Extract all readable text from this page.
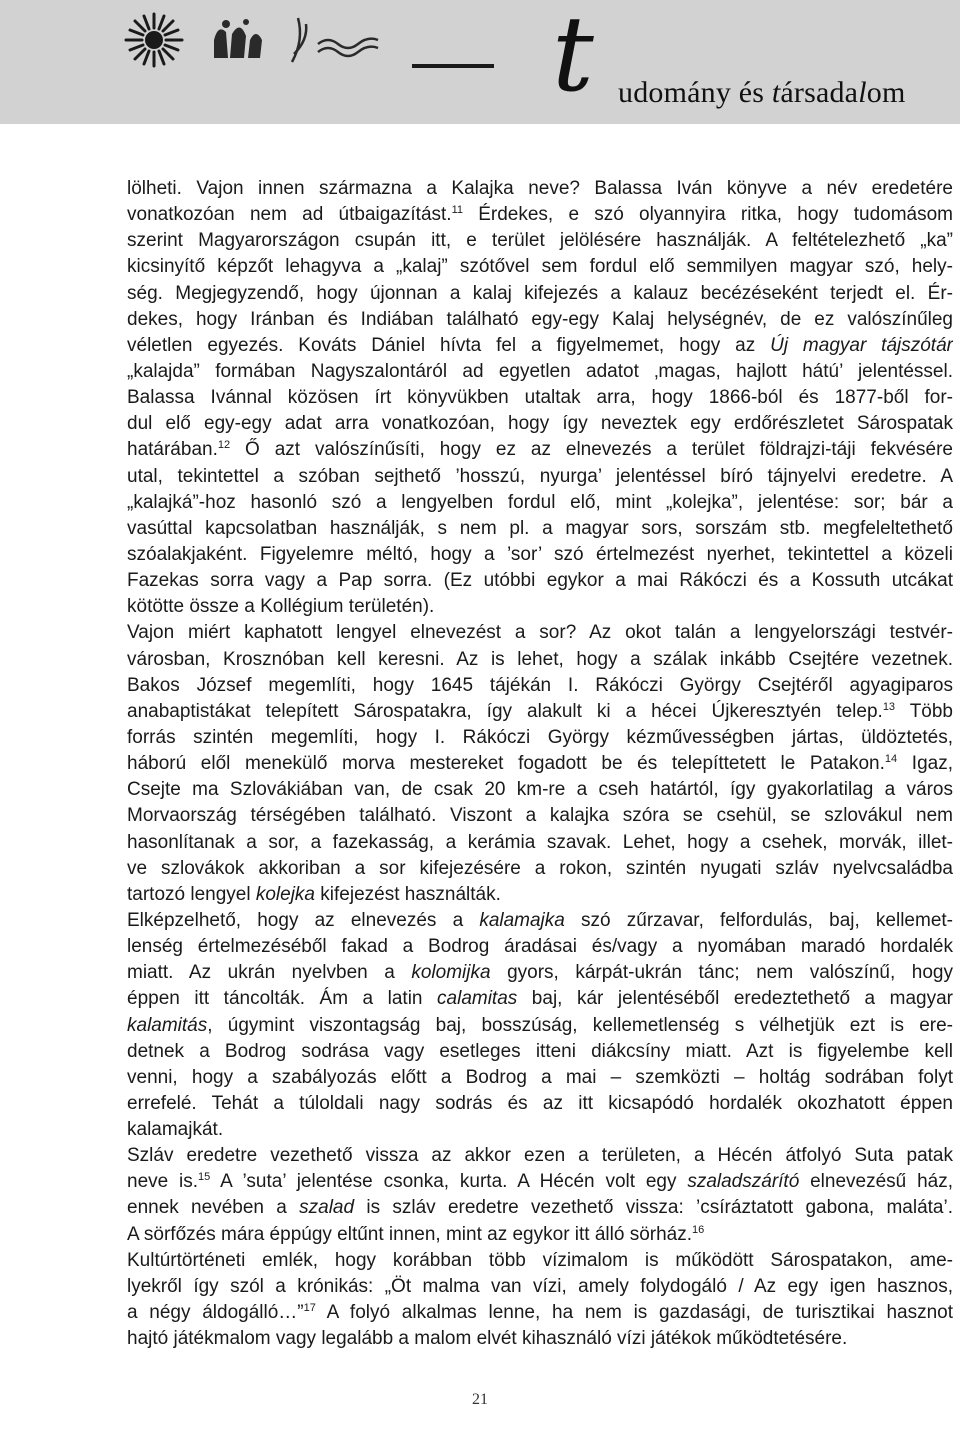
t udomány és társadalom
lölheti. Vajon innen származna a Kalajka neve? Balassa Iván könyve a név eredetére
vonatkozóan nem ad útbaigazítást.$^{11}$ Érdekes, e szó olyannyira ritka, hogy tudomásom
szerint Magyarországon csupán itt, e terület jelölésére használják. A feltételezhető „ka”
kicsinyítő képzőt lehagyva a „kalaj” szótővel sem fordul elő semmilyen magyar szó, hely-
ség. Megjegyzendő, hogy újonnan a kalaj kifejezés a kalauz becézéseként terjedt el. Ér-
dekes, hogy Iránban és Indiában található egy-egy Kalaj helységnév, de ez valószínűleg
véletlen egyezés. Kováts Dániel hívta fel a figyelmemet, hogy az Új magyar tájszótár
„kalajda” formában Nagyszalontáról ad egyetlen adatot ‚magas, hajlott hátú’ jelentéssel.
Balassa Ivánnal közösen írt könyvükben utaltak arra, hogy 1866-ból és 1877-ből for-
dul elő egy-egy adat arra vonatkozóan, hogy így neveztek egy erdőrészletet Sárospatak
határában.$^{12}$ Ő azt valószínűsíti, hogy ez az elnevezés a terület földrajzi-táji fekvésére
utal, tekintettel a szóban sejthető ’hosszú, nyurga’ jelentéssel bíró tájnyelvi eredetre. A
„kalajká”-hoz hasonló szó a lengyelben fordul elő, mint „kolejka”, jelentése: sor; bár a
vasúttal kapcsolatban használják, s nem pl. a magyar sors, sorszám stb. megfeleltethető
szóalakjaként. Figyelemre méltó, hogy a ’sor’ szó értelmezést nyerhet, tekintettel a közeli
Fazekas sorra vagy a Pap sorra. (Ez utóbbi egykor a mai Rákóczi és a Kossuth utcákat
kötötte össze a Kollégium területén).
Vajon miért kaphatott lengyel elnevezést a sor? Az okot talán a lengyelországi testvér-
városban, Krosznóban kell keresni. Az is lehet, hogy a szálak inkább Csejtére vezetnek.
Bakos József megemlíti, hogy 1645 tájékán I. Rákóczi György Csejtéről agyagiparos
anabaptistákat telepített Sárospatakra, így alakult ki a hécei Újkeresztyén telep.$^{13}$ Több
forrás szintén megemlíti, hogy I. Rákóczi György kézművességben jártas, üldöztetés,
háború elől menekülő morva mestereket fogadott be és telepíttetett le Patakon.$^{14}$ Igaz,
Csejte ma Szlovákiában van, de csak 20 km-re a cseh határtól, így gyakorlatilag a város
Morvaország térségében található. Viszont a kalajka szóra se csehül, se szlovákul nem
hasonlítanak a sor, a fazekasság, a kerámia szavak. Lehet, hogy a csehek, morvák, illet-
ve szlovákok akkoriban a sor kifejezésére a rokon, szintén nyugati szláv nyelvcsaládba
tartozó lengyel kolejka kifejezést használták.
Elképzelhető, hogy az elnevezés a kalamajka szó zűrzavar, felfordulás, baj, kellemet-
lenség értelmezéséből fakad a Bodrog áradásai és/vagy a nyomában maradó hordalék
miatt. Az ukrán nyelvben a kolomijka gyors, kárpát-ukrán tánc; nem valószínű, hogy
éppen itt táncolták. Ám a latin calamitas baj, kár jelentéséből eredeztethető a magyar
kalamitás, úgymint viszontagság baj, bosszúság, kellemetlenség s vélhetjük ezt is ere-
detnek a Bodrog sodrása vagy esetleges itteni diákcsíny miatt. Azt is figyelembe kell
venni, hogy a szabályozás előtt a Bodrog a mai – szemközti – holtág sodrában folyt
errefelé. Tehát a túloldali nagy sodrás és az itt kicsapódó hordalék okozhatott éppen
kalamajkát.
Szláv eredetre vezethető vissza az akkor ezen a területen, a Hécén átfolyó Suta patak
neve is.$^{15}$ A ’suta’ jelentése csonka, kurta. A Hécén volt egy szaladszárító elnevezésű ház,
ennek nevében a szalad is szláv eredetre vezethető vissza: ’csíráztatott gabona, maláta’.
A sörfőzés mára éppúgy eltűnt innen, mint az egykor itt álló sörház.$^{16}$
Kultúrtörténeti emlék, hogy korábban több vízimalom is működött Sárospatakon, ame-
lyekről így szól a krónikás: „Öt malma van vízi, amely folydogáló / Az egy igen hasznos,
a négy áldogálló…”$^{17}$ A folyó alkalmas lenne, ha nem is gazdasági, de turisztikai hasznot
hajtó játékmalom vagy legalább a malom elvét kihasználó vízi játékok működtetésére.
21
